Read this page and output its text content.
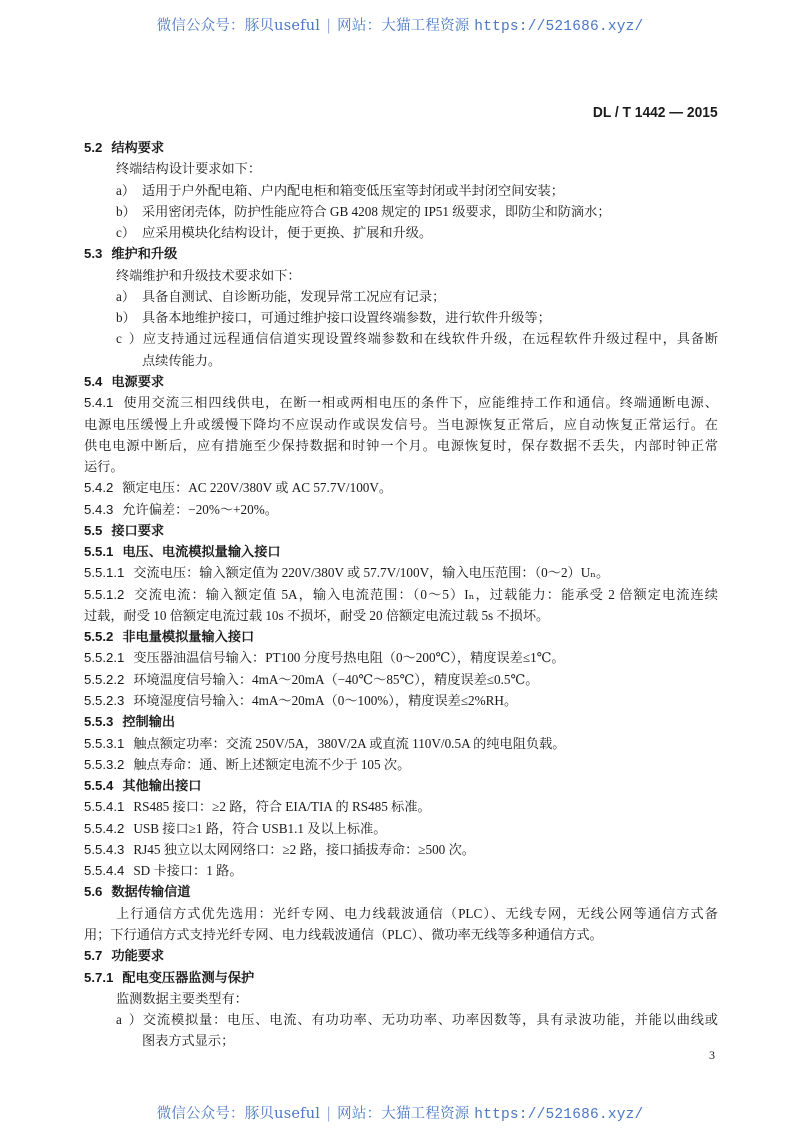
微信公众号：豚贝useful | 网站：大猫工程资源 https://521686.xyz/
DL / T 1442 — 2015
5.2 结构要求
终端结构设计要求如下：
a） 适用于户外配电箱、户内配电柜和箱变低压室等封闭或半封闭空间安装；
b） 采用密闭壳体，防护性能应符合 GB 4208 规定的 IP51 级要求，即防尘和防滴水；
c） 应采用模块化结构设计，便于更换、扩展和升级。
5.3 维护和升级
终端维护和升级技术要求如下：
a） 具备自测试、自诊断功能，发现异常工况应有记录；
b） 具备本地维护接口，可通过维护接口设置终端参数，进行软件升级等；
c）应支持通过远程通信信道实现设置终端参数和在线软件升级，在远程软件升级过程中，具备断
点续传能力。
5.4 电源要求
5.4.1 使用交流三相四线供电，在断一相或两相电压的条件下，应能维持工作和通信。终端通断电源、
电源电压缓慢上升或缓慢下降均不应误动作或误发信号。当电源恢复正常后，应自动恢复正常运行。在
供电电源中断后，应有措施至少保持数据和时钟一个月。电源恢复时，保存数据不丢失，内部时钟正常
运行。
5.4.2 额定电压：AC 220V/380V 或 AC 57.7V/100V。
5.4.3 允许偏差：−20%～+20%。
5.5 接口要求
5.5.1 电压、电流模拟量输入接口
5.5.1.1 交流电压：输入额定值为 220V/380V 或 57.7V/100V，输入电压范围：（0～2）Uₙ。
5.5.1.2 交流电流：输入额定值 5A，输入电流范围：（0～5）Iₙ，过载能力：能承受 2 倍额定电流连续
过载，耐受 10 倍额定电流过载 10s 不损坏，耐受 20 倍额定电流过载 5s 不损坏。
5.5.2 非电量模拟量输入接口
5.5.2.1 变压器油温信号输入：PT100 分度号热电阻（0～200℃），精度误差≤1℃。
5.5.2.2 环境温度信号输入：4mA～20mA（−40℃～85℃），精度误差≤0.5℃。
5.5.2.3 环境湿度信号输入：4mA～20mA（0～100%），精度误差≤2%RH。
5.5.3 控制输出
5.5.3.1 触点额定功率：交流 250V/5A，380V/2A 或直流 110V/0.5A 的纯电阻负载。
5.5.3.2 触点寿命：通、断上述额定电流不少于 105 次。
5.5.4 其他输出接口
5.5.4.1 RS485 接口：≥2 路，符合 EIA/TIA 的 RS485 标准。
5.5.4.2 USB 接口≥1 路，符合 USB1.1 及以上标准。
5.5.4.3 RJ45 独立以太网网络口：≥2 路，接口插拔寿命：≥500 次。
5.5.4.4 SD 卡接口：1 路。
5.6 数据传输信道
上行通信方式优先选用：光纤专网、电力线载波通信（PLC）、无线专网，无线公网等通信方式备
用；下行通信方式支持光纤专网、电力线载波通信（PLC）、微功率无线等多种通信方式。
5.7 功能要求
5.7.1 配电变压器监测与保护
监测数据主要类型有：
a）交流模拟量：电压、电流、有功功率、无功功率、功率因数等，具有录波功能，并能以曲线或
图表方式显示；
3
微信公众号：豚贝useful | 网站：大猫工程资源 https://521686.xyz/
